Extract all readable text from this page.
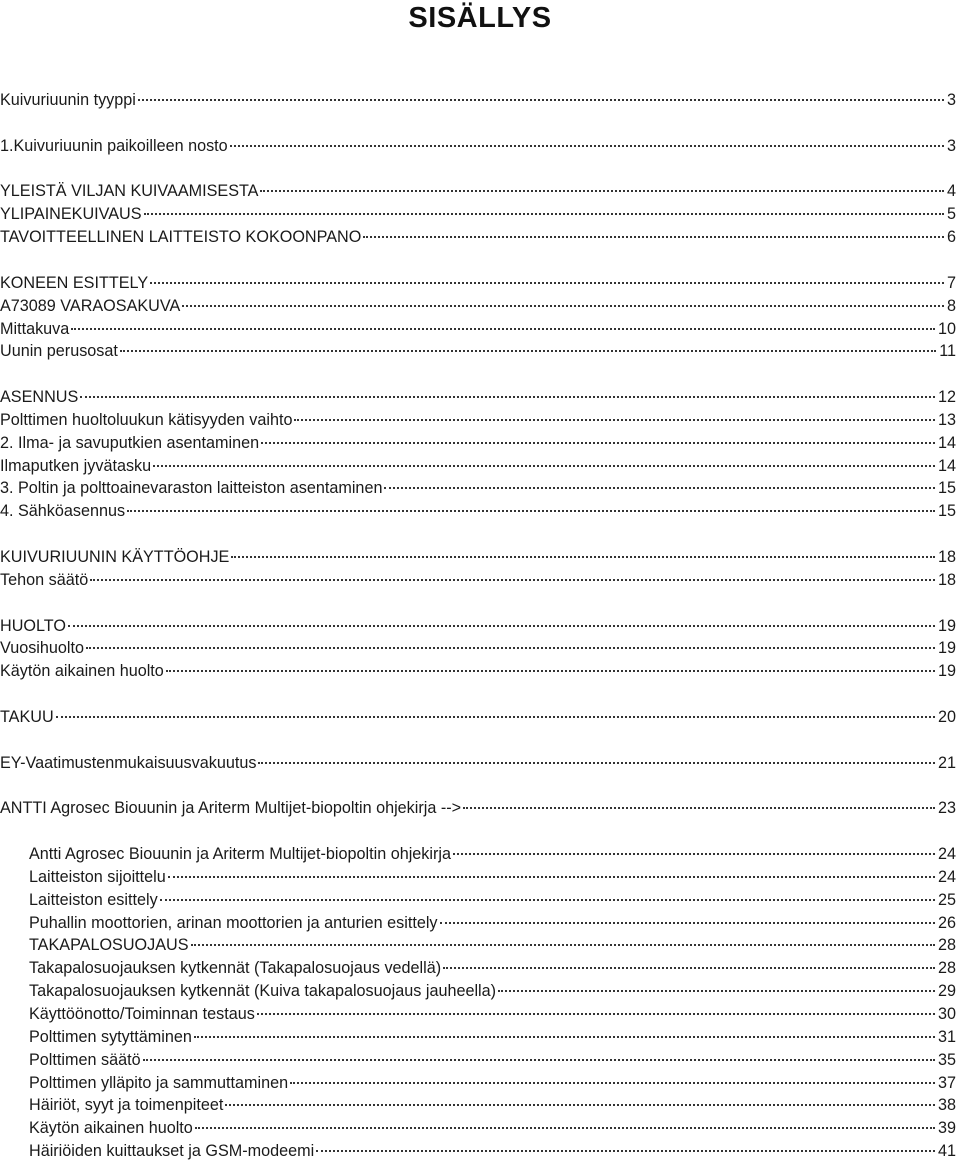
SISÄLLYS
Kuivuriuunin tyyppi	3
1.Kuivuriuunin paikoilleen nosto	3
YLEISTÄ VILJAN KUIVAAMISESTA	4
YLIPAINEKUIVAUS	5
TAVOITTEELLINEN LAITTEISTO KOKOONPANO	6
KONEEN ESITTELY	7
A73089 VARAOSAKUVA	8
Mittakuva	10
Uunin perusosat	11
ASENNUS	12
Polttimen huoltoluukun kätisyyden vaihto	13
2. Ilma- ja savuputkien asentaminen	14
Ilmaputken jyvätasku	14
3. Poltin ja polttoainevaraston laitteiston asentaminen	15
4. Sähköasennus	15
KUIVURIUUNIN KÄYTTÖOHJE	18
Tehon säätö	18
HUOLTO	19
Vuosihuolto	19
Käytön aikainen huolto	19
TAKUU	20
EY-Vaatimustenmukaisuusvakuutus	21
ANTTI Agrosec Biouunin ja Ariterm Multijet-biopoltin ohjekirja -->	23
Antti Agrosec Biouunin ja Ariterm Multijet-biopoltin ohjekirja	24
Laitteiston sijoittelu	24
Laitteiston esittely	25
Puhallin moottorien, arinan moottorien ja anturien esittely	26
TAKAPALOSUOJAUS	28
Takapalosuojauksen kytkennät (Takapalosuojaus vedellä)	28
Takapalosuojauksen kytkennät (Kuiva takapalosuojaus jauheella)	29
Käyttöönotto/Toiminnan testaus	30
Polttimen sytyttäminen	31
Polttimen säätö	35
Polttimen ylläpito ja sammuttaminen	37
Häiriöt, syyt ja toimenpiteet	38
Käytön aikainen huolto	39
Häiriöiden kuittaukset ja GSM-modeemi	41
